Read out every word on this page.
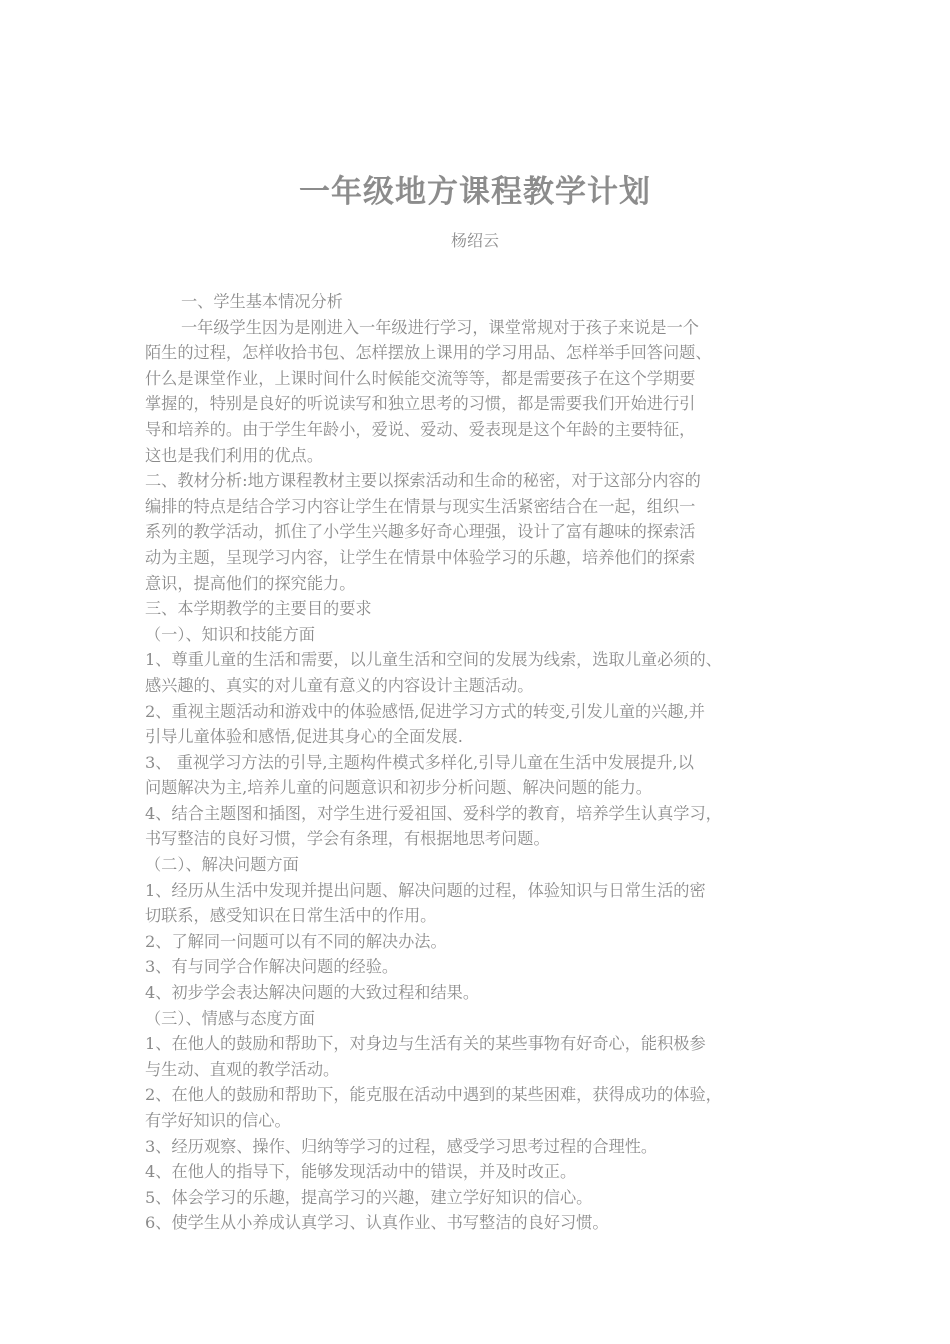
一年级地方课程教学计划
杨绍云
一、学生基本情况分析
一年级学生因为是刚进入一年级进行学习，课堂常规对于孩子来说是一个
陌生的过程，怎样收拾书包、怎样摆放上课用的学习用品、怎样举手回答问题、
什么是课堂作业，上课时间什么时候能交流等等，都是需要孩子在这个学期要
掌握的，特别是良好的听说读写和独立思考的习惯，都是需要我们开始进行引
导和培养的。由于学生年龄小，爱说、爱动、爱表现是这个年龄的主要特征，
这也是我们利用的优点。
二、教材分析:地方课程教材主要以探索活动和生命的秘密，对于这部分内容的
编排的特点是结合学习内容让学生在情景与现实生活紧密结合在一起，组织一
系列的教学活动，抓住了小学生兴趣多好奇心理强，设计了富有趣味的探索活
动为主题，呈现学习内容，让学生在情景中体验学习的乐趣，培养他们的探索
意识，提高他们的探究能力。
三、本学期教学的主要目的要求
（一）、知识和技能方面
1、尊重儿童的生活和需要，以儿童生活和空间的发展为线索，选取儿童必须的、
感兴趣的、真实的对儿童有意义的内容设计主题活动。
2、重视主题活动和游戏中的体验感悟,促进学习方式的转变,引发儿童的兴趣,并
引导儿童体验和感悟,促进其身心的全面发展.
3、 重视学习方法的引导,主题构件模式多样化,引导儿童在生活中发展提升,以
问题解决为主,培养儿童的问题意识和初步分析问题、解决问题的能力。
4、结合主题图和插图，对学生进行爱祖国、爱科学的教育，培养学生认真学习，
书写整洁的良好习惯，学会有条理，有根据地思考问题。
（二）、解决问题方面
1、经历从生活中发现并提出问题、解决问题的过程，体验知识与日常生活的密
切联系，感受知识在日常生活中的作用。
2、了解同一问题可以有不同的解决办法。
3、有与同学合作解决问题的经验。
4、初步学会表达解决问题的大致过程和结果。
（三）、情感与态度方面
1、在他人的鼓励和帮助下，对身边与生活有关的某些事物有好奇心，能积极参
与生动、直观的教学活动。
2、在他人的鼓励和帮助下，能克服在活动中遇到的某些困难，获得成功的体验，
有学好知识的信心。
3、经历观察、操作、归纳等学习的过程，感受学习思考过程的合理性。
4、在他人的指导下，能够发现活动中的错误，并及时改正。
5、体会学习的乐趣，提高学习的兴趣，建立学好知识的信心。
6、使学生从小养成认真学习、认真作业、书写整洁的良好习惯。
